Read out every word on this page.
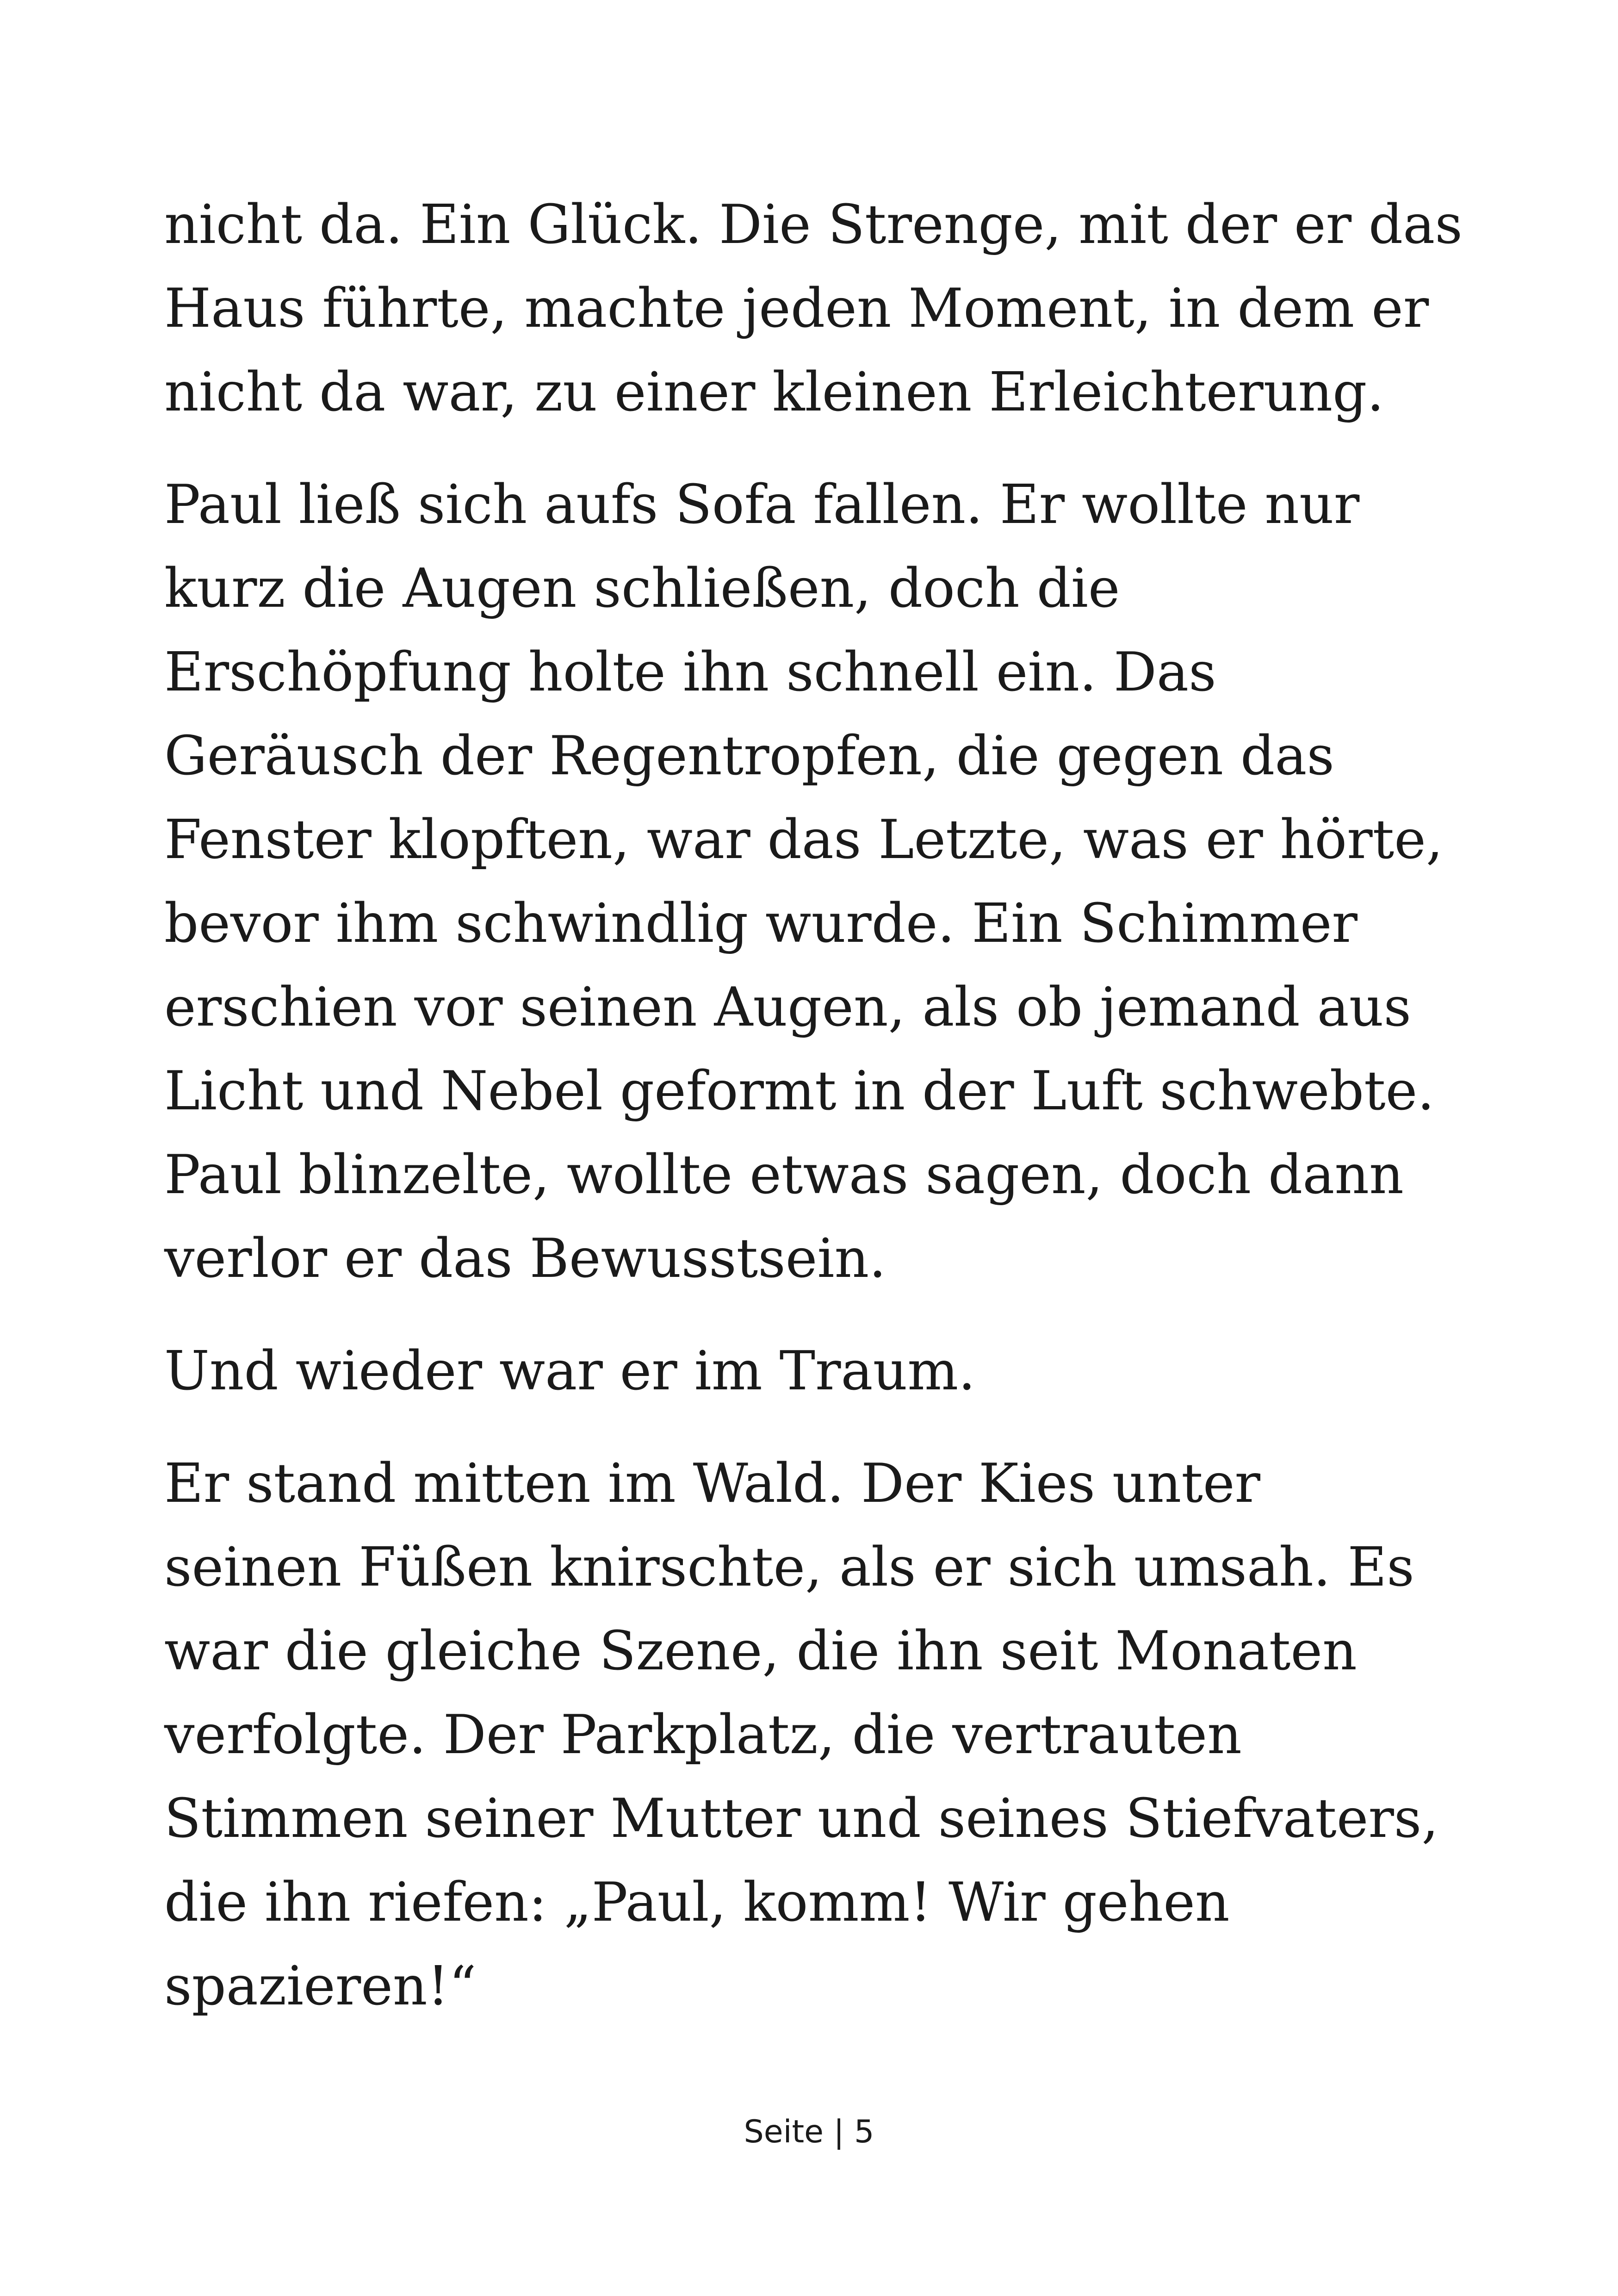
nicht da. Ein Glück. Die Strenge, mit der er das
Haus führte, machte jeden Moment, in dem er
nicht da war, zu einer kleinen Erleichterung.

Paul ließ sich aufs Sofa fallen. Er wollte nur
kurz die Augen schließen, doch die
Erschöpfung holte ihn schnell ein. Das
Geräusch der Regentropfen, die gegen das
Fenster klopften, war das Letzte, was er hörte,
bevor ihm schwindlig wurde. Ein Schimmer
erschien vor seinen Augen, als ob jemand aus
Licht und Nebel geformt in der Luft schwebte.
Paul blinzelte, wollte etwas sagen, doch dann
verlor er das Bewusstsein.

Und wieder war er im Traum.

Er stand mitten im Wald. Der Kies unter
seinen Füßen knirschte, als er sich umsah. Es
war die gleiche Szene, die ihn seit Monaten
verfolgte. Der Parkplatz, die vertrauten
Stimmen seiner Mutter und seines Stiefvaters,
die ihn riefen: „Paul, komm! Wir gehen
spazieren!“

Seite | 5
